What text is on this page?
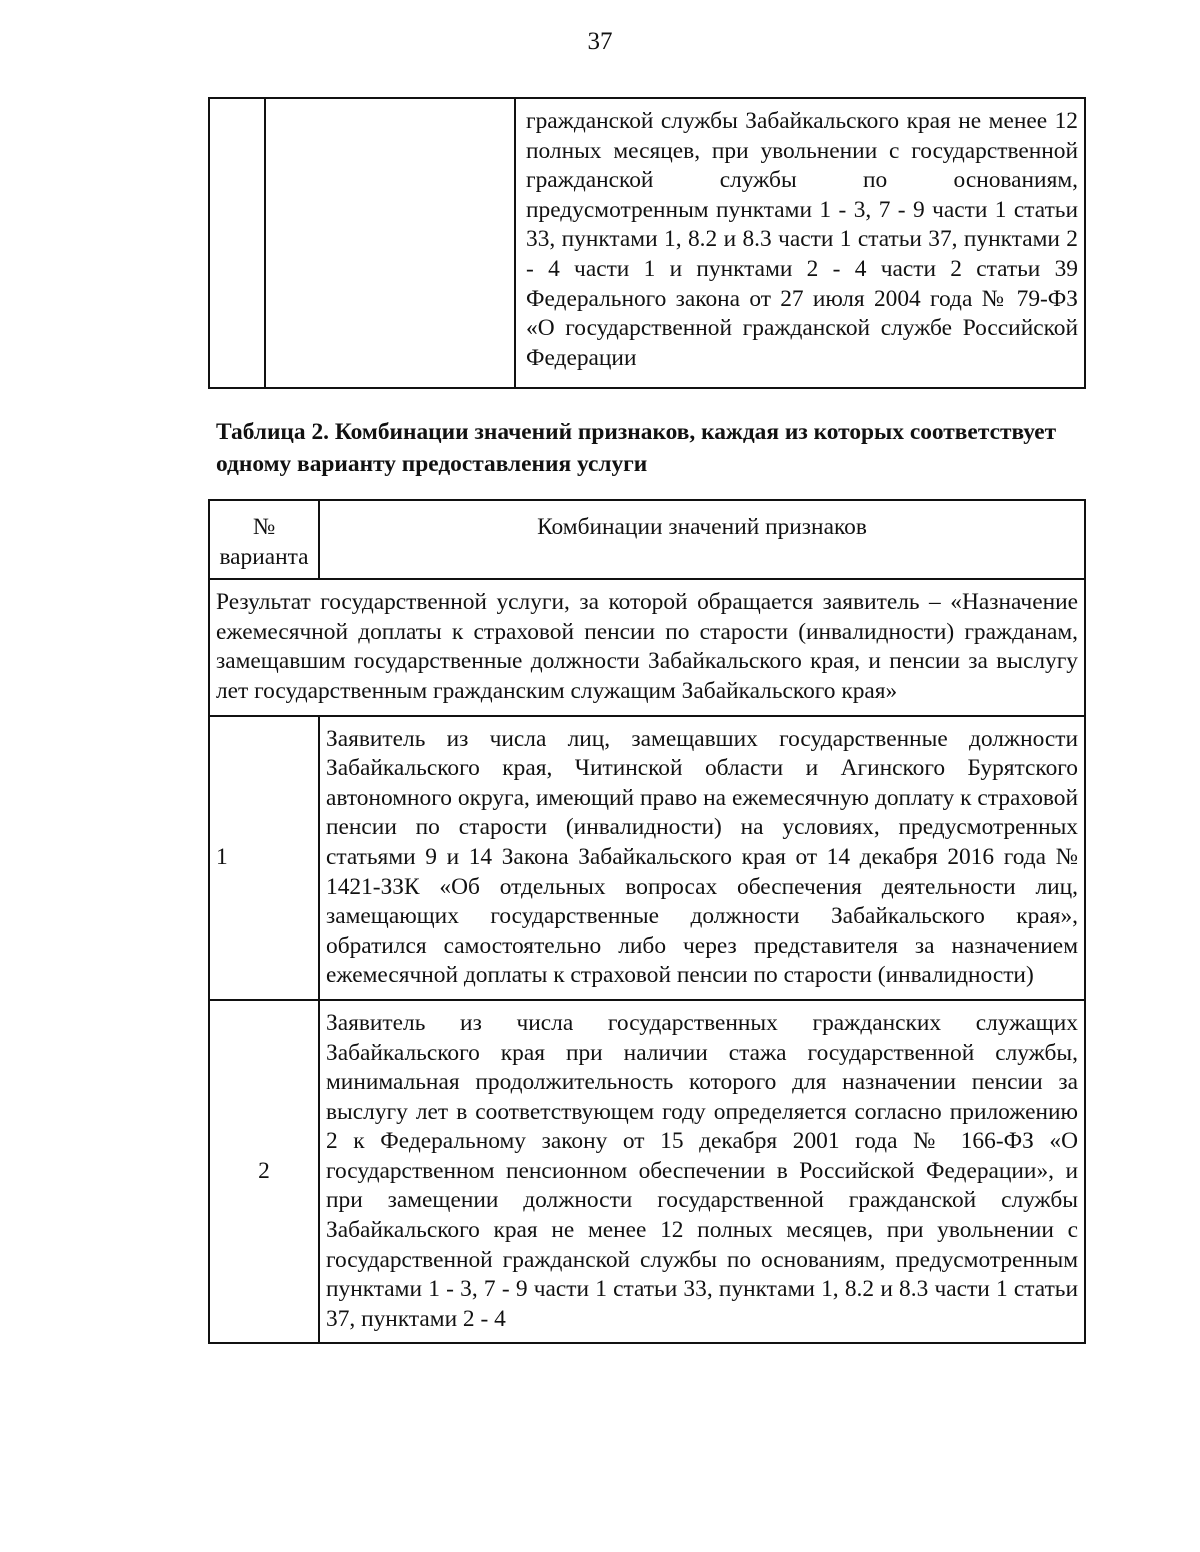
37
		гражданской службы Забайкальского края не менее 12 полных месяцев, при увольнении с государственной гражданской службы по основаниям, предусмотренным пунктами 1 - 3, 7 - 9 части 1 статьи 33, пунктами 1, 8.2 и 8.3 части 1 статьи 37, пунктами 2 - 4 части 1 и пунктами 2 - 4 части 2 статьи 39 Федерального закона от 27 июля 2004 года № 79-ФЗ «О государственной гражданской службе Российской Федерации
Таблица 2. Комбинации значений признаков, каждая из которых соответствует одному варианту предоставления услуги
№ варианта	Комбинации значений признаков
Результат государственной услуги, за которой обращается заявитель – «Назначение ежемесячной доплаты к страховой пенсии по старости (инвалидности) гражданам, замещавшим государственные должности Забайкальского края, и пенсии за выслугу лет государственным гражданским служащим Забайкальского края»	
1	Заявитель из числа лиц, замещавших государственные должности Забайкальского края, Читинской области и Агинского Бурятского автономного округа, имеющий право на ежемесячную доплату к страховой пенсии по старости (инвалидности) на условиях, предусмотренных статьями 9 и 14 Закона Забайкальского края от 14 декабря 2016 года № 1421-ЗЗК «Об отдельных вопросах обеспечения деятельности лиц, замещающих государственные должности Забайкальского края», обратился самостоятельно либо через представителя за назначением ежемесячной доплаты к страховой пенсии по старости (инвалидности)
2	Заявитель из числа государственных гражданских служащих Забайкальского края при наличии стажа государственной службы, минимальная продолжительность которого для назначении пенсии за выслугу лет в соответствующем году определяется согласно приложению 2 к Федеральному закону от 15 декабря 2001 года № 166-ФЗ «О государственном пенсионном обеспечении в Российской Федерации», и при замещении должности государственной гражданской службы Забайкальского края не менее 12 полных месяцев, при увольнении с государственной гражданской службы по основаниям, предусмотренным пунктами 1 - 3, 7 - 9 части 1 статьи 33, пунктами 1, 8.2 и 8.3 части 1 статьи 37, пунктами 2 - 4
